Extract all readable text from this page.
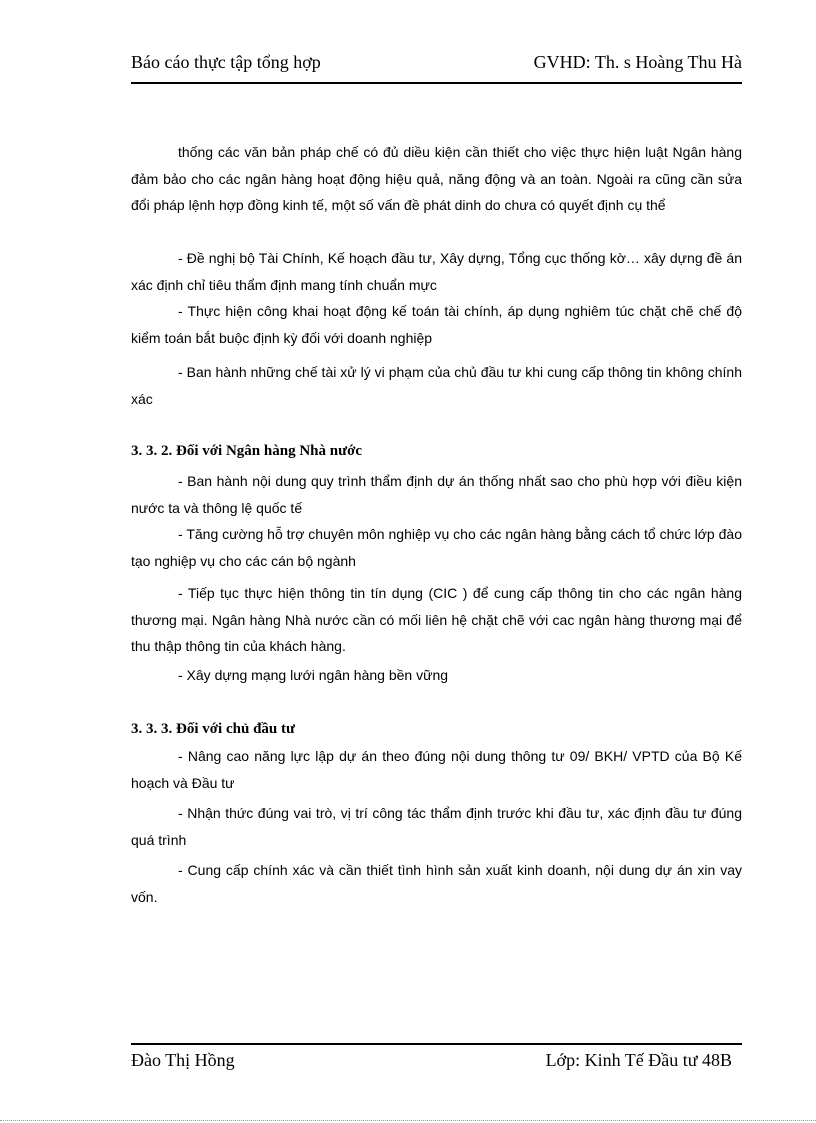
Báo cáo thực tập tổng hợp	GVHD: Th. s Hoàng Thu Hà

thống các văn bản pháp chế có đủ diều kiện cần thiết cho việc thực hiện luật Ngân hàng đảm bảo cho các ngân hàng hoạt động hiệu quả, năng động và an toàn. Ngoài ra cũng cần sửa đổi pháp lệnh hợp đồng kinh tế, một số vấn đề phát dinh do chưa có quyết định cụ thể

- Đề nghị bộ Tài Chính, Kế hoạch đầu tư, Xây dựng, Tổng cục thống kờ… xây dựng đề án xác định chỉ tiêu thẩm định mang tính chuẩn mực

- Thực hiện công khai hoạt động kế toán tài chính, áp dụng nghiêm túc chặt chẽ chế độ kiểm toán bắt buộc định kỳ đối với doanh nghiệp

- Ban hành những chế tài xử lý vi phạm của chủ đầu tư khi cung cấp thông tin không chính xác

3. 3. 2. Đối với Ngân hàng Nhà nước

- Ban hành nội dung quy trình thẩm định dự án thống nhất sao cho phù hợp với điều kiện nước ta và thông lệ quốc tế

- Tăng cường hỗ trợ chuyên môn nghiệp vụ cho các ngân hàng bằng cách tổ chức lớp đào tạo nghiệp vụ cho các cán bộ ngành

- Tiếp tục thực hiện thông tin tín dụng (CIC ) để cung cấp thông tin cho các ngân hàng thương mại. Ngân hàng Nhà nước cần có mối liên hệ chặt chẽ với cac ngân hàng thương mại để thu thập thông tin của khách hàng.

- Xây dựng mạng lưới ngân hàng bền vững

3. 3. 3. Đối với chủ đầu tư

- Nâng cao năng lực lập dự án theo đúng nội dung thông tư 09/ BKH/ VPTD của Bộ Kế hoạch và Đầu tư

- Nhận thức đúng vai trò, vị trí công tác thẩm định trước khi đầu tư, xác định đầu tư đúng quá trình

- Cung cấp chính xác và cần thiết tình hình sản xuất kinh doanh, nội dung dự án xin vay vốn.

Đào Thị Hồng	Lớp: Kinh Tế Đầu tư 48B
